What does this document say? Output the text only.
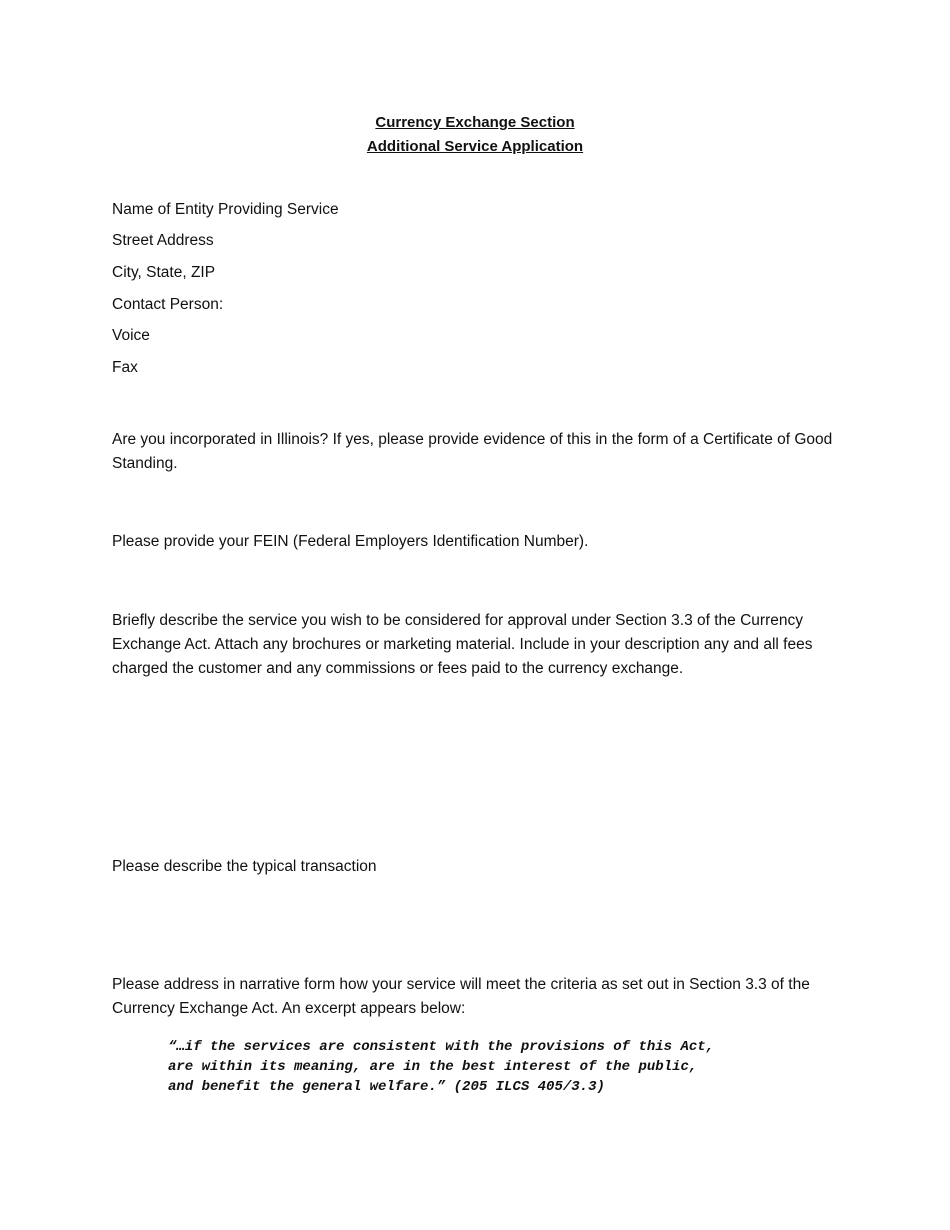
Currency Exchange Section
Additional Service Application
Name of Entity Providing Service
Street Address
City, State, ZIP
Contact Person:
Voice
Fax
Are you incorporated in Illinois? If yes, please provide evidence of this in the form of a Certificate of Good Standing.
Please provide your FEIN (Federal Employers Identification Number).
Briefly describe the service you wish to be considered for approval under Section 3.3 of the Currency Exchange Act. Attach any brochures or marketing material. Include in your description any and all fees charged the customer and any commissions or fees paid to the currency exchange.
Please describe the typical transaction
Please address in narrative form how your service will meet the criteria as set out in Section 3.3 of the Currency Exchange Act. An excerpt appears below:
“…if the services are consistent with the provisions of this Act,
are within its meaning, are in the best interest of the public,
and benefit the general welfare.” (205 ILCS 405/3.3)
